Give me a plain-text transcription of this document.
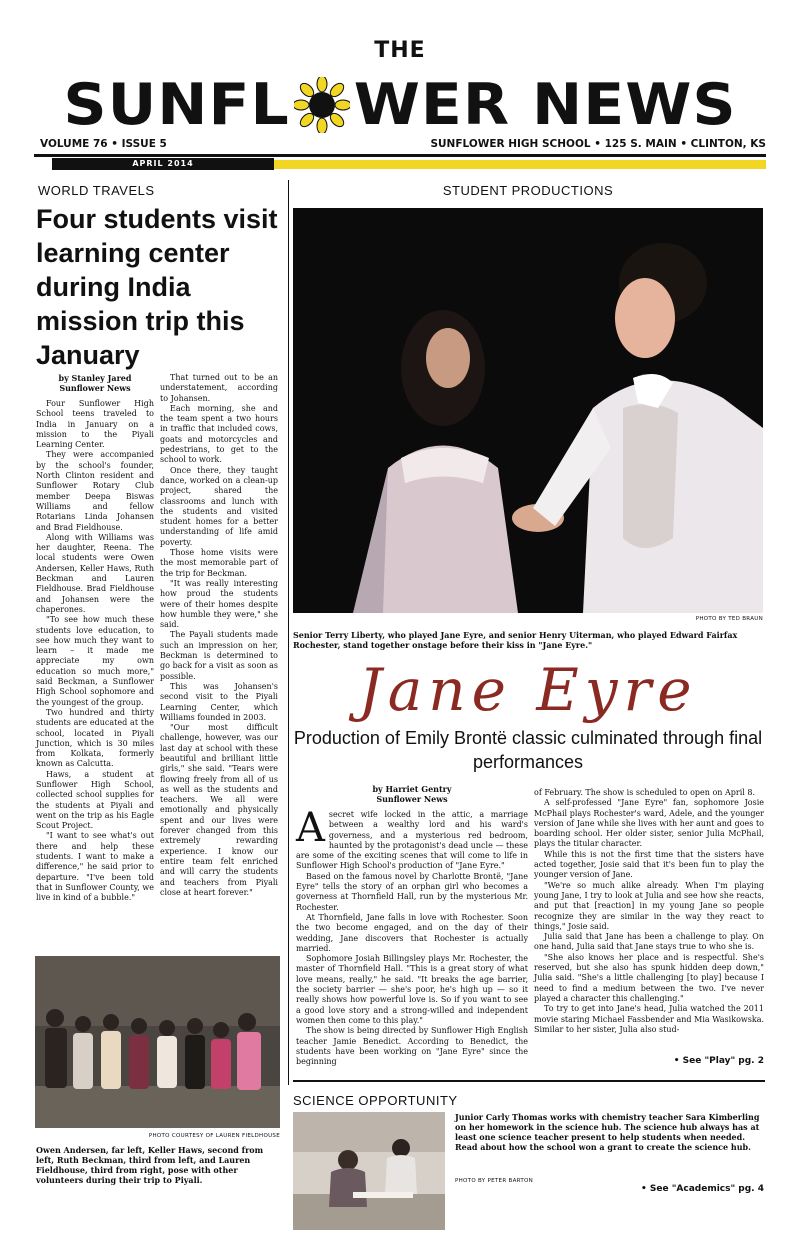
THE
SUNFL WER NEWS
VOLUME 76 • ISSUE 5	SUNFLOWER HIGH SCHOOL • 125 S. MAIN • CLINTON, KS
APRIL 2014
WORLD TRAVELS
Four students visit learning center during India mission trip this January
by Stanley Jared
Sunflower News

Four Sunflower High School teens traveled to India in January on a mission to the Piyali Learning Center.

They were accompanied by the school's founder, North Clinton resident and Sunflower Rotary Club member Deepa Biswas Williams and fellow Rotarians Linda Johansen and Brad Fieldhouse.

Along with Williams was her daughter, Reena. The local students were Owen Andersen, Keller Haws, Ruth Beckman and Lauren Fieldhouse. Brad Fieldhouse and Johansen were the chaperones.

"To see how much these students love education, to see how much they want to learn – it made me appreciate my own education so much more," said Beckman, a Sunflower High School sophomore and the youngest of the group.

Two hundred and thirty students are educated at the school, located in Piyali Junction, which is 30 miles from Kolkata, formerly known as Calcutta.

Haws, a student at Sunflower High School, collected school supplies for the students at Piyali and went on the trip as his Eagle Scout Project.

"I want to see what's out there and help these students. I want to make a difference," he said prior to departure. "I've been told that in Sunflower County, we live in kind of a bubble."

That turned out to be an understatement, according to Johansen.

Each morning, she and the team spent a two hours in traffic that included cows, goats and motorcycles and pedestrians, to get to the school to work.

Once there, they taught dance, worked on a clean-up project, shared the classrooms and lunch with the students and visited student homes for a better understanding of life amid poverty.

Those home visits were the most memorable part of the trip for Beckman.

"It was really interesting how proud the students were of their homes despite how humble they were," she said.

The Payali students made such an impression on her, Beckman is determined to go back for a visit as soon as possible.

This was Johansen's second visit to the Piyali Learning Center, which Williams founded in 2003.

"Our most difficult challenge, however, was our last day at school with these beautiful and brilliant little girls," she said. "Tears were flowing freely from all of us as well as the students and teachers. We all were emotionally and physically spent and our lives were forever changed from this extremely rewarding experience. I know our entire team felt enriched and will carry the students and teachers from Piyali close at heart forever."

PHOTO COURTESY OF LAUREN FIELDHOUSE
Owen Andersen, far left, Keller Haws, second from left, Ruth Beckman, third from left, and Lauren Fieldhouse, third from right, pose with other volunteers during their trip to Piyali.
STUDENT PRODUCTIONS
PHOTO BY TED BRAUN
Senior Terry Liberty, who played Jane Eyre, and senior Henry Uiterman, who played Edward Fairfax Rochester, stand together onstage before their kiss in "Jane Eyre."
Jane Eyre
Production of Emily Brontë classic culminated through final performances
by Harriet Gentry
Sunflower News

Asecret wife locked in the attic, a marriage between a wealthy lord and his ward's governess, and a mysterious red bedroom, haunted by the protagonist's dead uncle — these are some of the exciting scenes that will come to life in Sunflower High School's production of "Jane Eyre."

Based on the famous novel by Charlotte Brontë, "Jane Eyre" tells the story of an orphan girl who becomes a governess at Thornfield Hall, run by the mysterious Mr. Rochester.

At Thornfield, Jane falls in love with Rochester. Soon the two become engaged, and on the day of their wedding, Jane discovers that Rochester is actually married.

Sophomore Josiah Billingsley plays Mr. Rochester, the master of Thornfield Hall. "This is a great story of what love means, really," he said. "It breaks the age barrier, the society barrier — she's poor, he's high up — so it really shows how powerful love is. So if you want to see a good love story and a strong-willed and independent women then come to this play."

The show is being directed by Sunflower High English teacher Jamie Benedict. According to Benedict, the students have been working on "Jane Eyre" since the beginning

of February. The show is scheduled to open on April 8.

A self-professed "Jane Eyre" fan, sophomore Josie McPhail plays Rochester's ward, Adele, and the younger version of Jane while she lives with her aunt and goes to boarding school. Her older sister, senior Julia McPhail, plays the titular character.

While this is not the first time that the sisters have acted together, Josie said that it's been fun to play the younger version of Jane.

"We're so much alike already. When I'm playing young Jane, I try to look at Julia and see how she reacts, and put that [reaction] in my young Jane so people recognize they are similar in the way they react to things," Josie said.

Julia said that Jane has been a challenge to play. On one hand, Julia said that Jane stays true to who she is.

"She also knows her place and is respectful. She's reserved, but she also has spunk hidden deep down," Julia said. "She's a little challenging [to play] because I need to find a medium between the two. I've never played a character this challenging."

To try to get into Jane's head, Julia watched the 2011 movie staring Michael Fassbender and Mia Wasikowska. Similar to her sister, Julia also stud-

• See "Play" pg. 2
SCIENCE OPPORTUNITY
Junior Carly Thomas works with chemistry teacher Sara Kimberling on her homework in the science hub. The science hub always has at least one science teacher present to help students when needed. Read about how the school won a grant to create the science hub.
PHOTO BY PETER BARTON
• See "Academics" pg. 4
